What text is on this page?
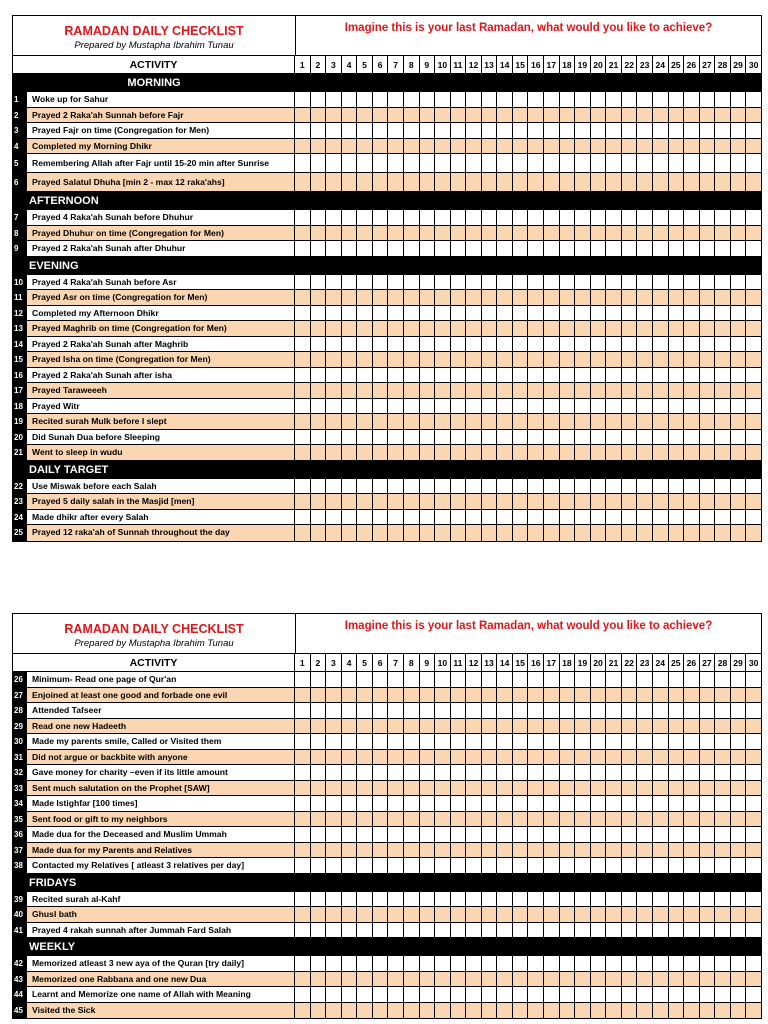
RAMADAN DAILY CHECKLIST
Prepared by Mustapha Ibrahim Tunau
Imagine this is your last Ramadan, what would you like to achieve?
ACTIVITY	1	2	3	4	5	6	7	8	9 10 11 12 13 14 15 16 17 18 19 20 21 22 23 24 25 26 27 28 29 30
MORNING
1	Woke up for Sahur
2	Prayed 2 Raka'ah Sunnah before Fajr
3	Prayed Fajr on time (Congregation for Men)
4	Completed my Morning Dhikr
5	Remembering Allah after Fajr until 15-20 min after Sunrise
6	Prayed Salatul Dhuha [min 2 - max 12 raka'ahs]
AFTERNOON
7	Prayed 4 Raka'ah Sunah before Dhuhur
8	Prayed Dhuhur on time (Congregation for Men)
9	Prayed 2 Raka'ah Sunah after Dhuhur
EVENING
10	Prayed 4 Raka'ah Sunah before Asr
11	Prayed Asr on time (Congregation for Men)
12	Completed my Afternoon Dhikr
13	Prayed Maghrib on time (Congregation for Men)
14	Prayed 2 Raka'ah Sunah after Maghrib
15	Prayed Isha on time (Congregation for Men)
16	Prayed 2 Raka'ah Sunah after isha
17	Prayed Taraweeeh
18	Prayed Witr
19	Recited surah Mulk before I slept
20	Did Sunah Dua before Sleeping
21	Went to sleep in wudu
DAILY TARGET
22	Use Miswak before each Salah
23	Prayed 5 daily salah in the Masjid [men]
24	Made dhikr after every Salah
25	Prayed 12 raka'ah of Sunnah throughout the day
RAMADAN DAILY CHECKLIST
Prepared by Mustapha Ibrahim Tunau
Imagine this is your last Ramadan, what would you like to achieve?
ACTIVITY	1	2	3	4	5	6	7	8	9 10 11 12 13 14 15 16 17 18 19 20 21 22 23 24 25 26 27 28 29 30
26	Minimum- Read one page of Qur'an
27	Enjoined at least one good and forbade one evil
28	Attended Tafseer
29	Read one new Hadeeth
30	Made my parents smile, Called or Visited them
31	Did not argue or backbite with anyone
32	Gave money for charity –even if its little amount
33	Sent much salutation on the Prophet [SAW]
34	Made Istighfar [100 times]
35	Sent food or gift to my neighbors
36	Made dua for the Deceased and Muslim Ummah
37	Made dua for my Parents and Relatives
38	Contacted my Relatives [ atleast 3 relatives per day]
FRIDAYS
39	Recited surah al-Kahf
40	Ghusl bath
41	Prayed 4 rakah sunnah after Jummah Fard Salah
WEEKLY
42	Memorized atleast 3 new aya of the Quran [try daily]
43	Memorized one Rabbana and one new Dua
44	Learnt and Memorize one name of Allah with Meaning
45	Visited the Sick
